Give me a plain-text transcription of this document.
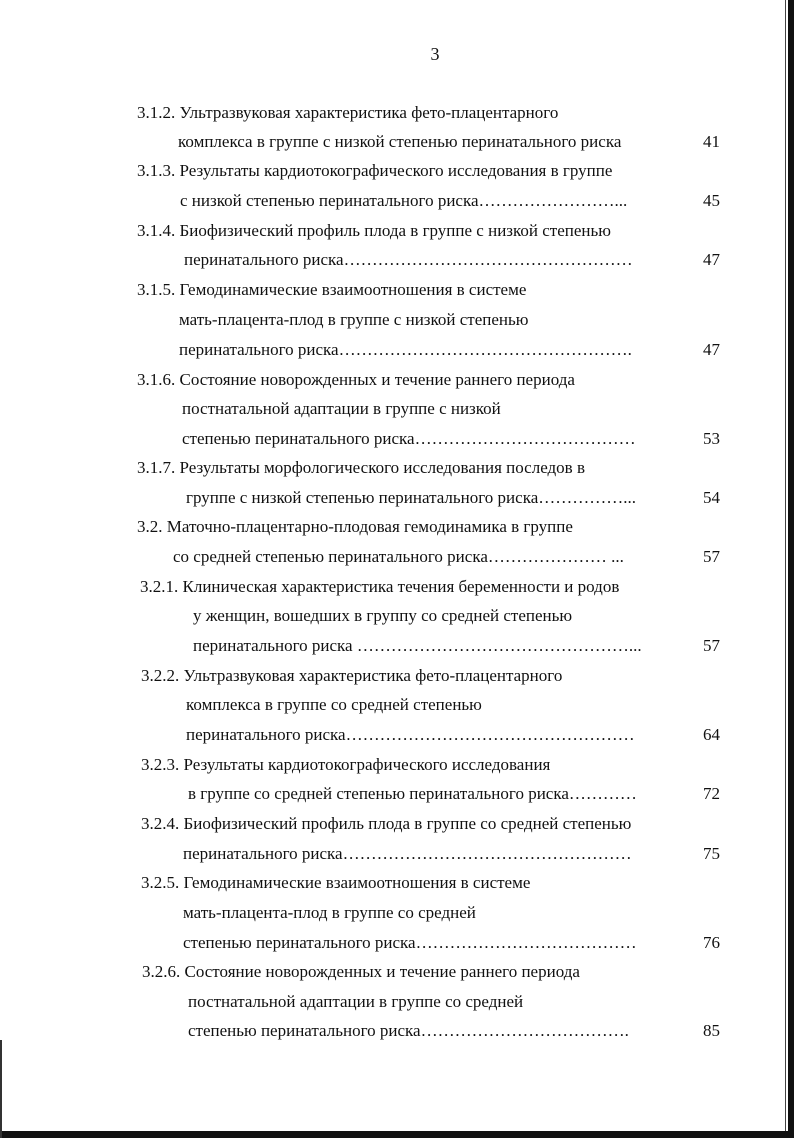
3
3.1.2. Ультразвуковая характеристика фето-плацентарного
комплекса в группе с низкой степенью перинатального риска	41
3.1.3. Результаты кардиотокографического исследования в группе
с низкой степенью перинатального риска……………………...	45
3.1.4. Биофизический профиль плода в группе с низкой степенью
перинатального риска……………………………………………	47
3.1.5. Гемодинамические взаимоотношения в системе
мать-плацента-плод в группе с низкой степенью
перинатального риска…………………………………………….	47
3.1.6. Состояние новорожденных и течение раннего периода
постнатальной адаптации в группе с низкой
степенью перинатального риска…………………………………	53
3.1.7. Результаты морфологического исследования последов в
группе с низкой степенью перинатального риска……………...	54
3.2. Маточно-плацентарно-плодовая гемодинамика в группе
со средней степенью перинатального риска………………… ...	57
3.2.1. Клиническая характеристика течения беременности и родов
у женщин, вошедших в группу со средней степенью
перинатального риска …………………………………………...	57
3.2.2. Ультразвуковая характеристика фето-плацентарного
комплекса в группе со средней степенью
перинатального риска……………………………………………	64
3.2.3. Результаты кардиотокографического исследования
в группе со средней степенью перинатального риска…………	72
3.2.4. Биофизический профиль плода в группе со средней степенью
перинатального риска……………………………………………	75
3.2.5. Гемодинамические взаимоотношения в системе
мать-плацента-плод в группе со средней
степенью перинатального риска…………………………………	76
3.2.6. Состояние новорожденных и течение раннего периода
постнатальной адаптации в группе со средней
степенью перинатального риска……………………………….	85
